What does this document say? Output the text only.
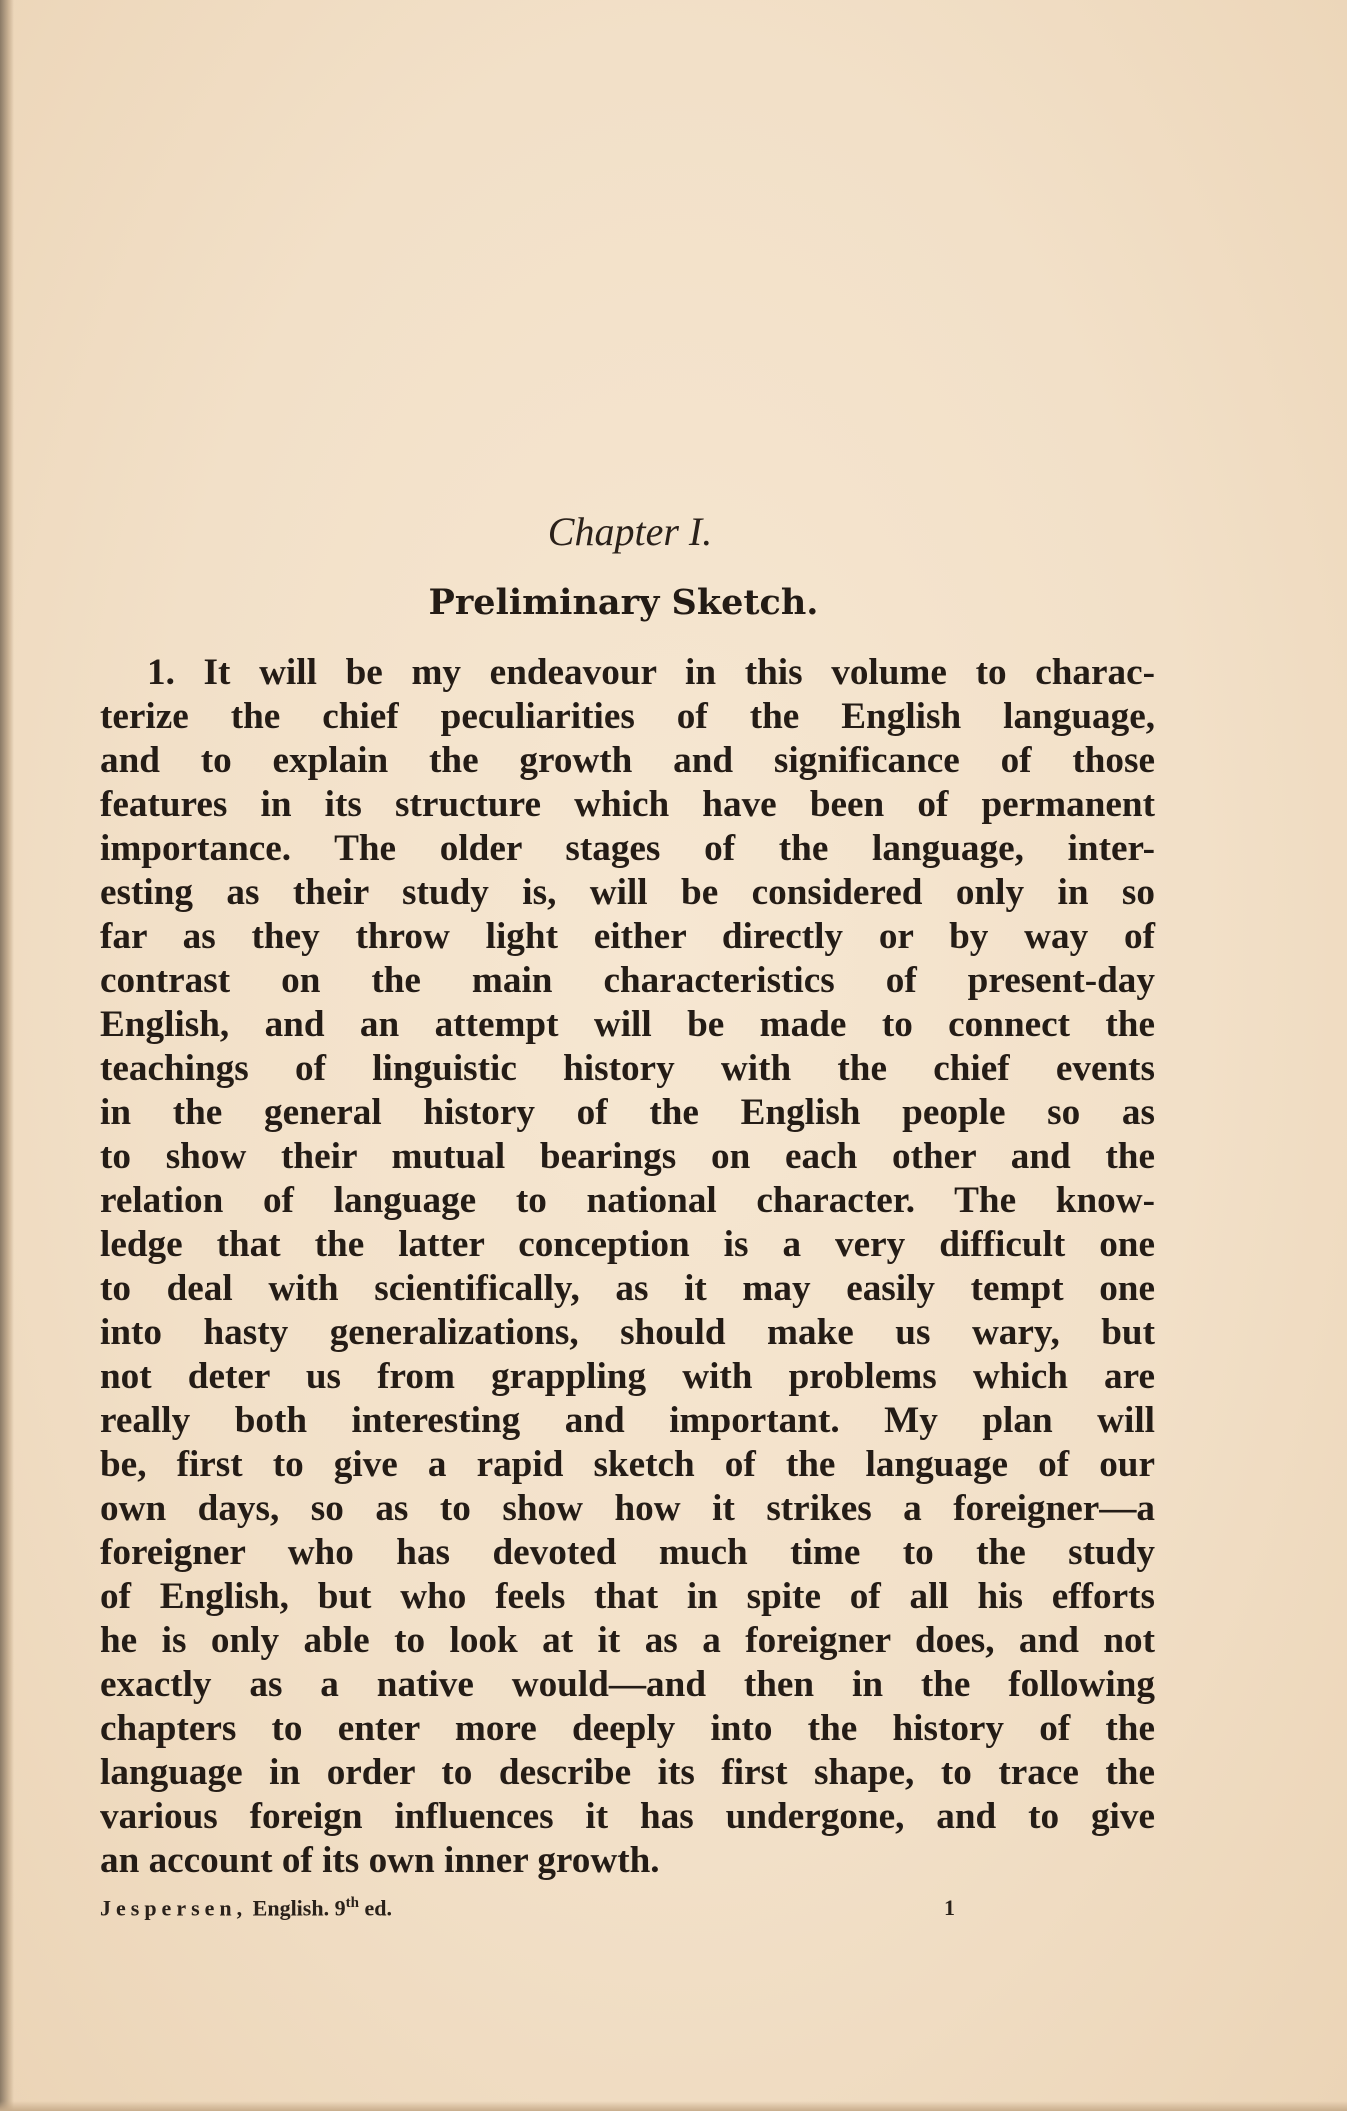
Chapter I.
Preliminary Sketch.
1. It will be my endeavour in this volume to charac-
terize the chief peculiarities of the English language,
and to explain the growth and significance of those
features in its structure which have been of permanent
importance. The older stages of the language, inter-
esting as their study is, will be considered only in so
far as they throw light either directly or by way of
contrast on the main characteristics of present-day
English, and an attempt will be made to connect the
teachings of linguistic history with the chief events
in the general history of the English people so as
to show their mutual bearings on each other and the
relation of language to national character. The know-
ledge that the latter conception is a very difficult one
to deal with scientifically, as it may easily tempt one
into hasty generalizations, should make us wary, but
not deter us from grappling with problems which are
really both interesting and important. My plan will
be, first to give a rapid sketch of the language of our
own days, so as to show how it strikes a foreigner—a
foreigner who has devoted much time to the study
of English, but who feels that in spite of all his efforts
he is only able to look at it as a foreigner does, and not
exactly as a native would—and then in the following
chapters to enter more deeply into the history of the
language in order to describe its first shape, to trace the
various foreign influences it has undergone, and to give
an account of its own inner growth.
Jespersen, English. 9th ed.	1
